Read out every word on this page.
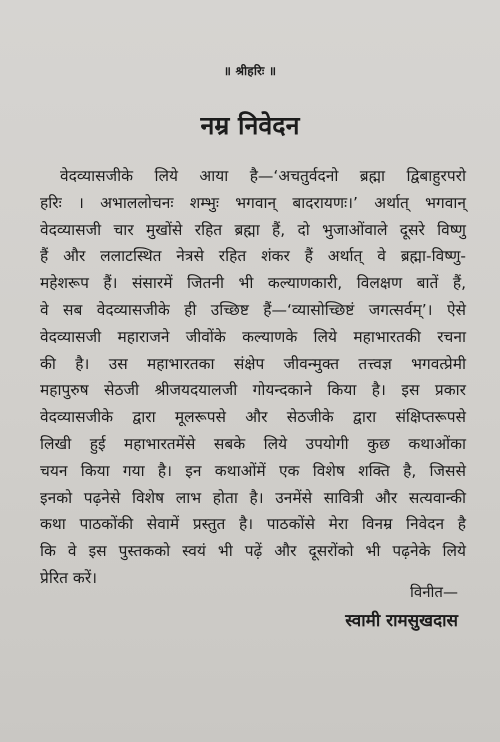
॥ श्रीहरिः ॥
नम्र निवेदन

वेदव्यासजीके लिये आया है—‘अचतुर्वदनो ब्रह्मा द्विबाहुरपरो
हरिः । अभाललोचनः शम्भुः भगवान् बादरायणः।’ अर्थात् भगवान्
वेदव्यासजी चार मुखोंसे रहित ब्रह्मा हैं, दो भुजाओंवाले दूसरे विष्णु
हैं और ललाटस्थित नेत्रसे रहित शंकर हैं अर्थात् वे ब्रह्मा-विष्णु-
महेशरूप हैं। संसारमें जितनी भी कल्याणकारी, विलक्षण बातें हैं,
वे सब वेदव्यासजीके ही उच्छिष्ट हैं—‘व्यासोच्छिष्टं जगत्सर्वम्’। ऐसे
वेदव्यासजी महाराजने जीवोंके कल्याणके लिये महाभारतकी रचना
की है। उस महाभारतका संक्षेप जीवन्मुक्त तत्त्वज्ञ भगवत्प्रेमी
महापुरुष सेठजी श्रीजयदयालजी गोयन्दकाने किया है। इस प्रकार
वेदव्यासजीके द्वारा मूलरूपसे और सेठजीके द्वारा संक्षिप्तरूपसे
लिखी हुई महाभारतमेंसे सबके लिये उपयोगी कुछ कथाओंका
चयन किया गया है। इन कथाओंमें एक विशेष शक्ति है, जिससे
इनको पढ़नेसे विशेष लाभ होता है। उनमेंसे सावित्री और सत्यवान्की
कथा पाठकोंकी सेवामें प्रस्तुत है। पाठकोंसे मेरा विनम्र निवेदन है
कि वे इस पुस्तकको स्वयं भी पढ़ें और दूसरोंको भी पढ़नेके लिये
प्रेरित करें।

विनीत—
स्वामी रामसुखदास
